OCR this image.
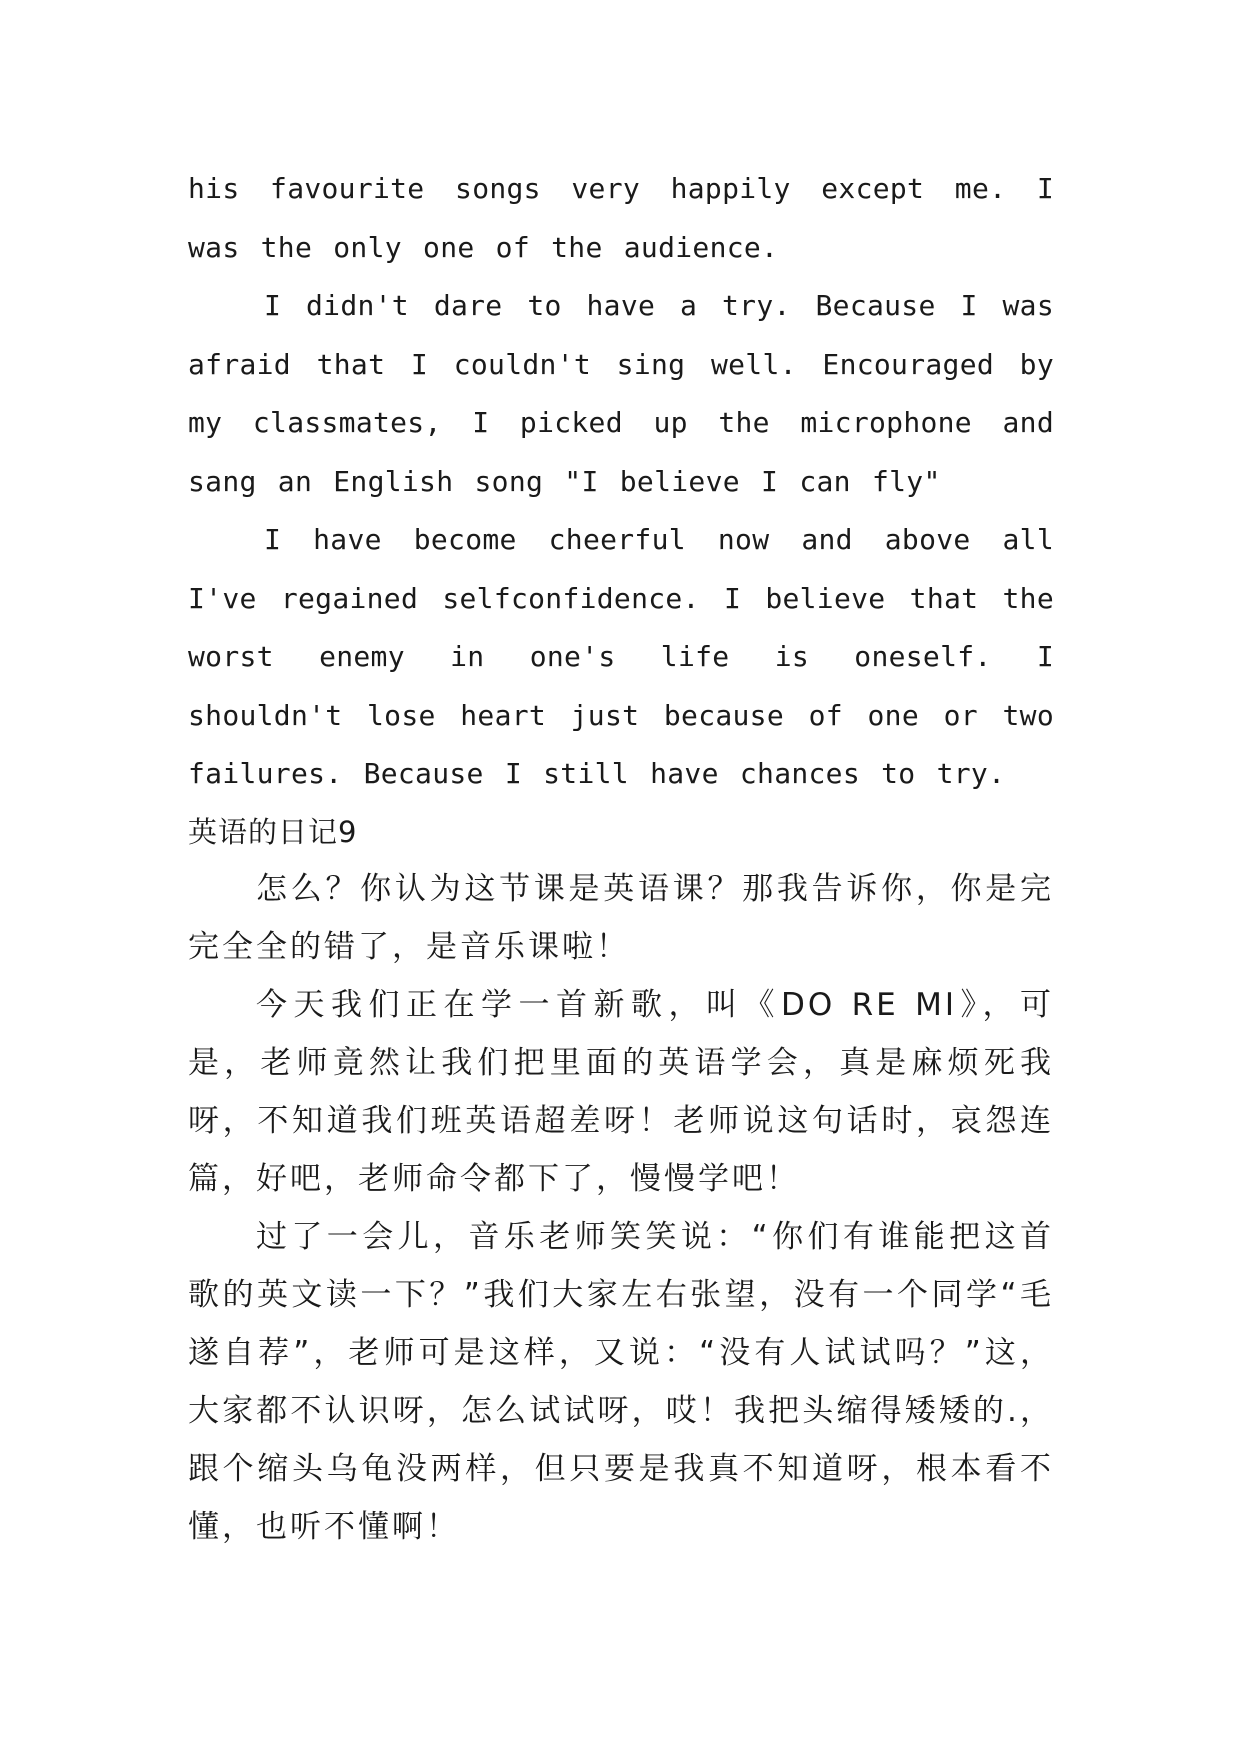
his favourite songs very happily except me. I was the only one of the audience.

I didn't dare to have a try. Because I was afraid that I couldn't sing well. Encouraged by my classmates, I picked up the microphone and sang an English song "I believe I can fly"

I have become cheerful now and above all I've regained selfconfidence. I believe that the worst enemy in one's life is oneself. I shouldn't lose heart just because of one or two failures. Because I still have chances to try.

英语的日记9

怎么？你认为这节课是英语课？那我告诉你，你是完完全全的错了，是音乐课啦！

今天我们正在学一首新歌，叫《DO RE MI》，可是，老师竟然让我们把里面的英语学会，真是麻烦死我呀，不知道我们班英语超差呀！老师说这句话时，哀怨连篇，好吧，老师命令都下了，慢慢学吧！

过了一会儿，音乐老师笑笑说：“你们有谁能把这首歌的英文读一下？”我们大家左右张望，没有一个同学“毛遂自荐”，老师可是这样，又说：“没有人试试吗？”这，大家都不认识呀，怎么试试呀，哎！我把头缩得矮矮的.，跟个缩头乌龟没两样，但只要是我真不知道呀，根本看不懂，也听不懂啊！
